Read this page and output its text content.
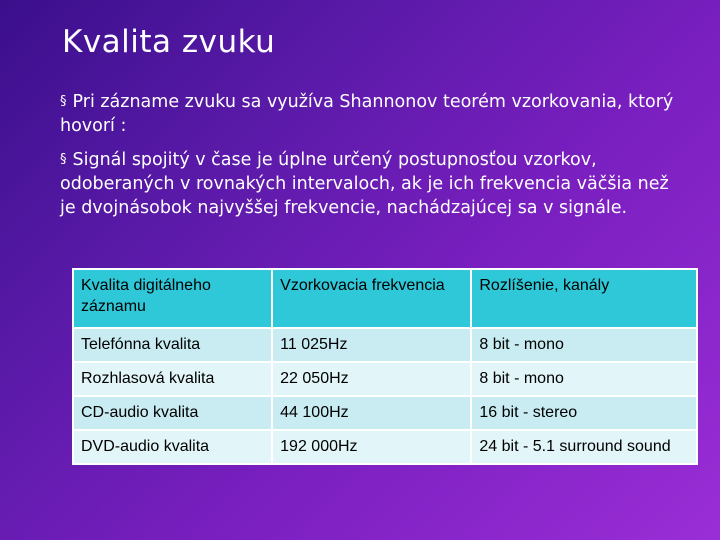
Kvalita zvuku
§ Pri zázname zvuku sa využíva Shannonov teorém vzorkovania, ktorý hovorí :
§ Signál spojitý v čase je úplne určený postupnosťou vzorkov, odoberaných v rovnakých intervaloch, ak je ich frekvencia väčšia než je dvojnásobok najvyššej frekvencie, nachádzajúcej sa v signále.
Kvalita digitálneho záznamu	Vzorkovacia frekvencia	Rozlíšenie, kanály
Telefónna kvalita	11 025Hz	8 bit - mono
Rozhlasová kvalita	22 050Hz	8 bit - mono
CD-audio kvalita	44 100Hz	16 bit - stereo
DVD-audio kvalita	192 000Hz	24 bit - 5.1 surround sound
